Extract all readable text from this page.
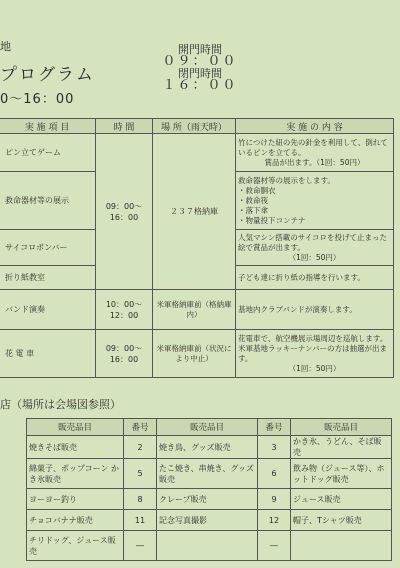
地
プログラム
0～16：00
開門時間
０９：００
閉門時間
１６：００
実 施 項 目	時 間	場 所（雨天時）	実 施 の 内 容
ピン立てゲーム	09：00～16：00	２３７格納庫	竹につけた紐の先の針金を利用して、倒れているピンを立てる。
賞品が出ます。（1回：50円）

救命器材等の展示			救命器材等の展示をします。
・救命胴衣
・救命筏
・落下傘
・物量投下コンテナ

サイコロボンバー			人気マシン搭載のサイコロを投げて止まった絵で賞品が出ます。
（1回：50円）

折り紙教室			子ども達に折り紙の指導を行います。

バンド演奏	10：00～12：00	米軍格納庫前（格納庫内）	基地内クラブバンドが演奏します。

花 電 車	09：00～16：00	米軍格納庫前（状況により中止）	花電車で、航空機展示場周辺を巡航します。米軍基地ラッキーナンバーの方は抽選が出ます。
（1回：50円）
店（場所は会場図参照）
販売品目	番号	販売品目	番号	販売品目
焼きそば販売	2	焼き鳥、グッズ販売	3	かき氷、うどん、そば販売
綿菓子、ポップコーン かき氷販売	5	たこ焼き、串焼き、グッズ販売	6	飲み物（ジュース等）、ホットドッグ販売
ヨーヨー釣り	8	クレープ販売	9	ジュース販売
チョコバナナ販売	11	記念写真撮影	12	帽子、Tシャツ販売
チリドッグ、ジュース販売	―		―	
